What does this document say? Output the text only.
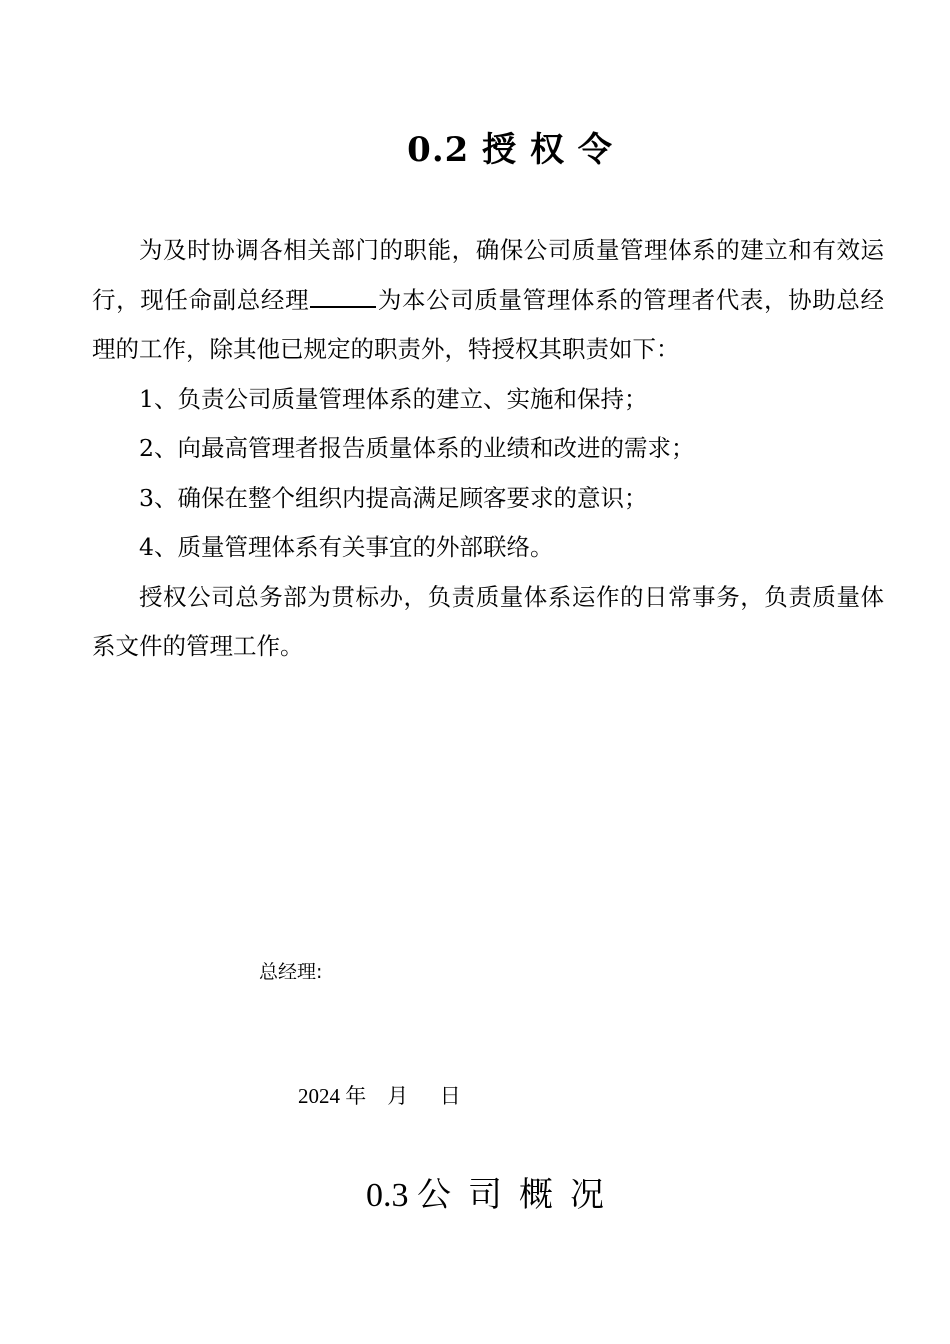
0.2 授 权 令

为及时协调各相关部门的职能，确保公司质量管理体系的建立和有效运行，现任命副总经理	为本公司质量管理体系的管理者代表，协助总经理的工作，除其他已规定的职责外，特授权其职责如下：

1、负责公司质量管理体系的建立、实施和保持；

2、向最高管理者报告质量体系的业绩和改进的需求；

3、确保在整个组织内提高满足顾客要求的意识；

4、质量管理体系有关事宜的外部联络。

授权公司总务部为贯标办，负责质量体系运作的日常事务，负责质量体系文件的管理工作。

总经理:
2024 年    月      日
0.3 公  司  概  况
